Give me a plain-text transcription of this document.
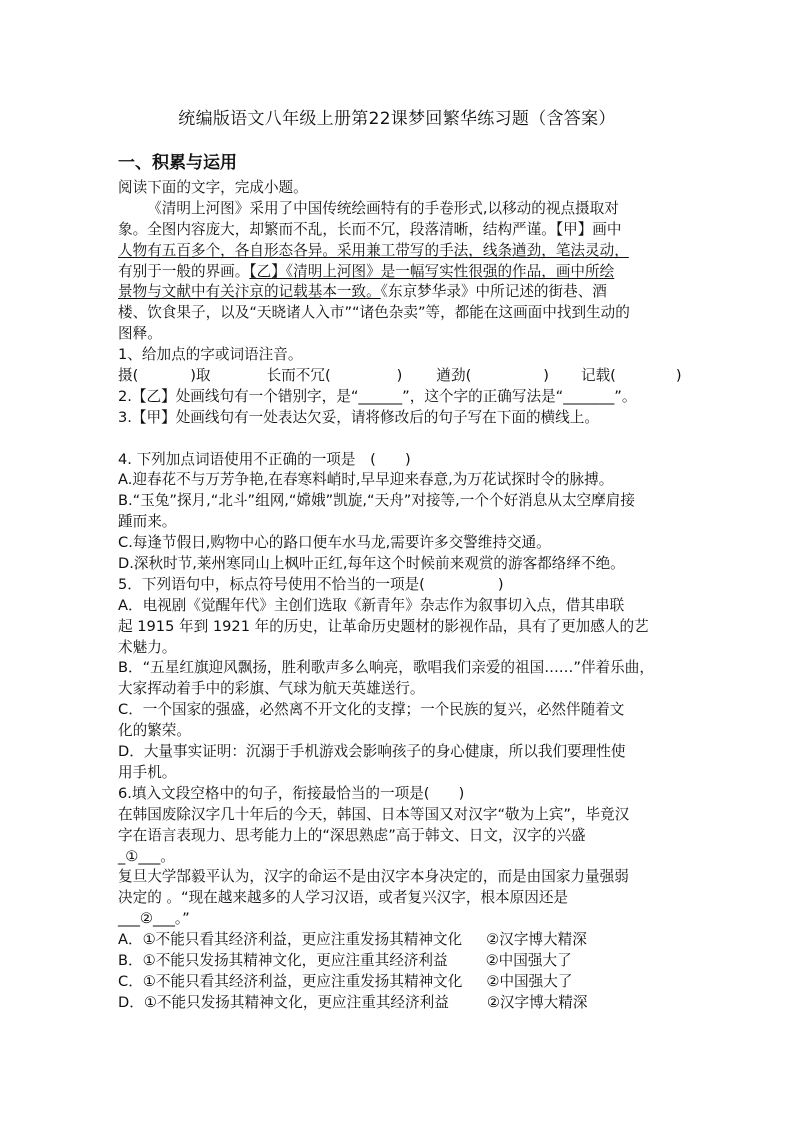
统编版语文八年级上册第22课梦回繁华练习题（含答案）
一、积累与运用
阅读下面的文字，完成小题。
《清明上河图》采用了中国传统绘画特有的手卷形式,以移动的视点摄取对
象。全图内容庞大，却繁而不乱，长而不冗，段落清晰，结构严谨。【甲】画中
人物有五百多个，各自形态各异。采用兼工带写的手法，线条遒劲，笔法灵动，
有别于一般的界画。【乙】《清明上河图》是一幅写实性很强的作品，画中所绘
景物与文献中有关汴京的记载基本一致。《东京梦华录》中所记述的街巷、酒
楼、饮食果子，以及“天晓诸人入市”“诸色杂卖”等，都能在这画面中找到生动的
图释。
1、给加点的字或词语注音。
摄(	)取	长而不冗(	) 遒劲(	) 记载(	)
2.【乙】处画线句有一个错别字，是“______”，这个字的正确写法是“_______”。
3.【甲】处画线句有一处表达欠妥，请将修改后的句子写在下面的横线上。
4. 下列加点词语使用不正确的一项是　(　　)
A.迎春花不与万芳争艳,在春寒料峭时,早早迎来春意,为万花试探时令的脉搏。
B.“玉兔”探月,“北斗”组网,“嫦娥”凯旋,“天舟”对接等,一个个好消息从太空摩肩接
踵而来。
C.每逢节假日,购物中心的路口便车水马龙,需要许多交警维持交通。
D.深秋时节,莱州寒同山上枫叶正红,每年这个时候前来观赏的游客都络绎不绝。
5．下列语句中，标点符号使用不恰当的一项是(　　　　　)
A．电视剧《觉醒年代》主创们选取《新青年》杂志作为叙事切入点，借其串联
起 1915 年到 1921 年的历史，让革命历史题材的影视作品，具有了更加感人的艺
术魅力。
B．“五星红旗迎风飘扬，胜利歌声多么响亮，歌唱我们亲爱的祖国……”伴着乐曲，
大家挥动着手中的彩旗、气球为航天英雄送行。
C．一个国家的强盛，必然离不开文化的支撑；一个民族的复兴，必然伴随着文
化的繁荣。
D．大量事实证明：沉溺于手机游戏会影响孩子的身心健康，所以我们要理性使
用手机。
6.填入文段空格中的句子，衔接最恰当的一项是(　　)
在韩国废除汉字几十年后的今天，韩国、日本等国又对汉字“敬为上宾”，毕竟汉
字在语言表现力、思考能力上的“深思熟虑”高于韩文、日文，汉字的兴盛
_①___。
复旦大学郜毅平认为，汉字的命运不是由汉字本身决定的，而是由国家力量强弱
决定的 。“现在越来越多的人学习汉语，或者复兴汉字，根本原因还是
___②___。”
A．①不能只看其经济利益，更应注重发扬其精神文化 ②汉字博大精深
B．①不能只发扬其精神文化，更应注重其经济利益	②中国强大了
C．①不能只看其经济利益，更应注重发扬其精神文化 ②中国强大了
D．①不能只发扬其精神文化，更应注重其经济利益	②汉字博大精深
